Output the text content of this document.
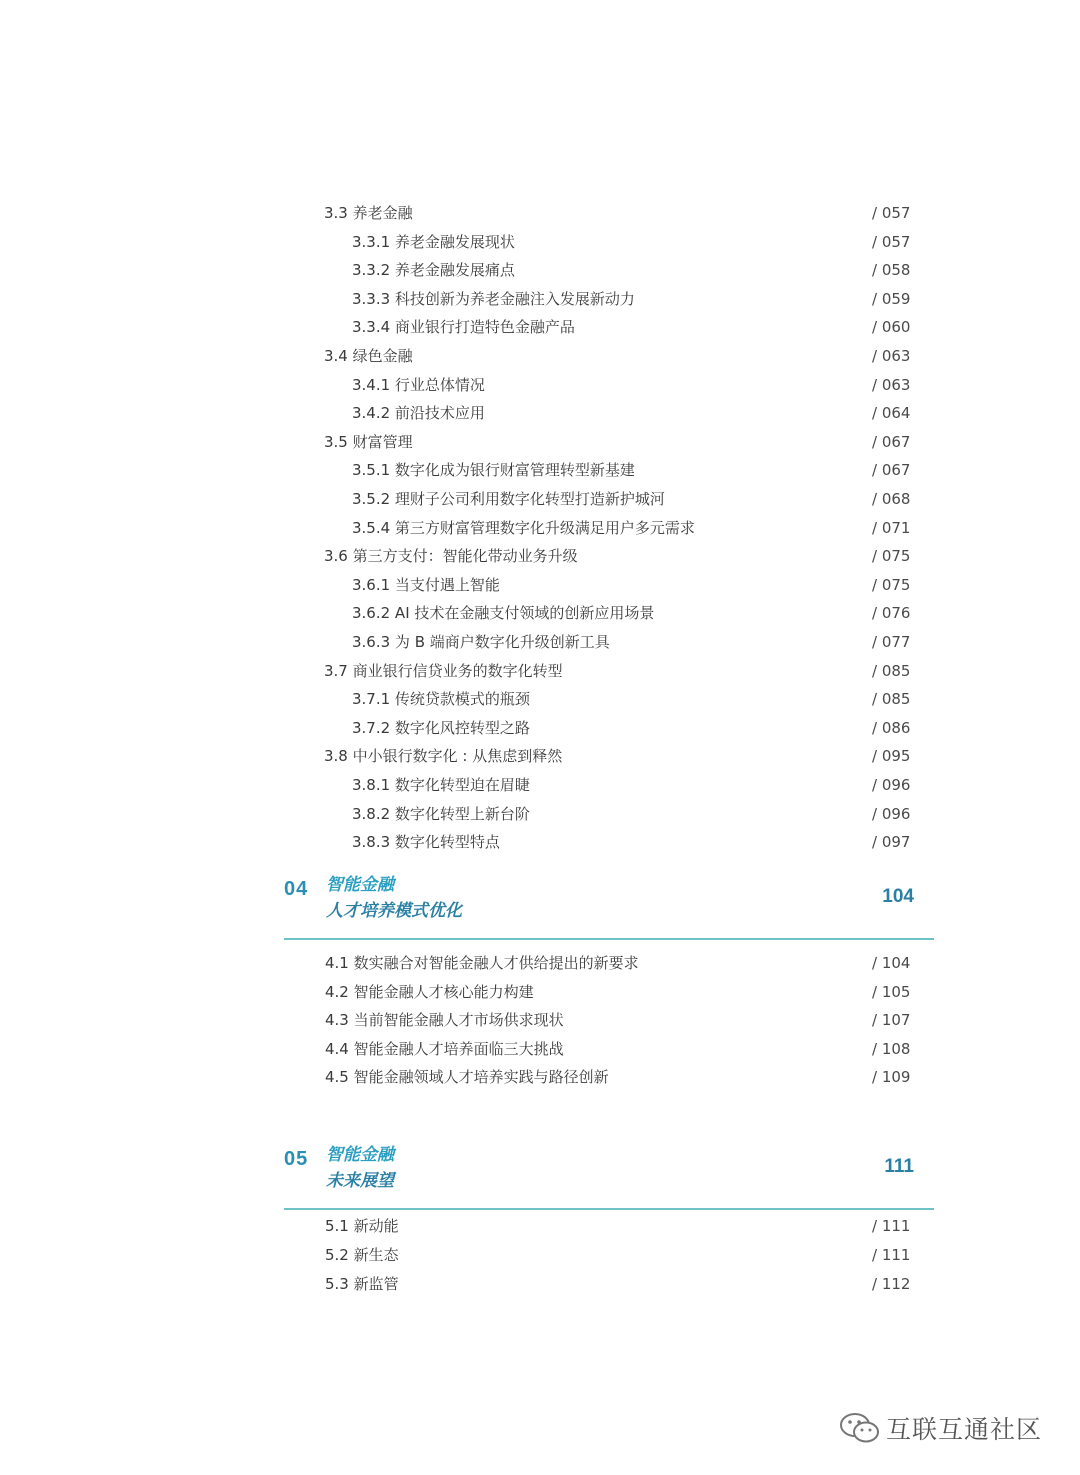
3.3 养老金融	/ 057
3.3.1 养老金融发展现状	/ 057
3.3.2 养老金融发展痛点	/ 058
3.3.3 科技创新为养老金融注入发展新动力	/ 059
3.3.4 商业银行打造特色金融产品	/ 060
3.4 绿色金融	/ 063
3.4.1 行业总体情况	/ 063
3.4.2 前沿技术应用	/ 064
3.5 财富管理	/ 067
3.5.1 数字化成为银行财富管理转型新基建	/ 067
3.5.2 理财子公司利用数字化转型打造新护城河	/ 068
3.5.4 第三方财富管理数字化升级满足用户多元需求	/ 071
3.6 第三方支付：智能化带动业务升级	/ 075
3.6.1 当支付遇上智能	/ 075
3.6.2 AI 技术在金融支付领域的创新应用场景	/ 076
3.6.3 为 B 端商户数字化升级创新工具	/ 077
3.7 商业银行信贷业务的数字化转型	/ 085
3.7.1 传统贷款模式的瓶颈	/ 085
3.7.2 数字化风控转型之路	/ 086
3.8 中小银行数字化 : 从焦虑到释然	/ 095
3.8.1 数字化转型迫在眉睫	/ 096
3.8.2 数字化转型上新台阶	/ 096
3.8.3 数字化转型特点	/ 097
04 智能金融
人才培养模式优化
104
4.1 数实融合对智能金融人才供给提出的新要求	/ 104
4.2 智能金融人才核心能力构建	/ 105
4.3 当前智能金融人才市场供求现状	/ 107
4.4 智能金融人才培养面临三大挑战	/ 108
4.5 智能金融领域人才培养实践与路径创新	/ 109
05 智能金融
未来展望
111
5.1 新动能	/ 111
5.2 新生态	/ 111
5.3 新监管	/ 112
互联互通社区
